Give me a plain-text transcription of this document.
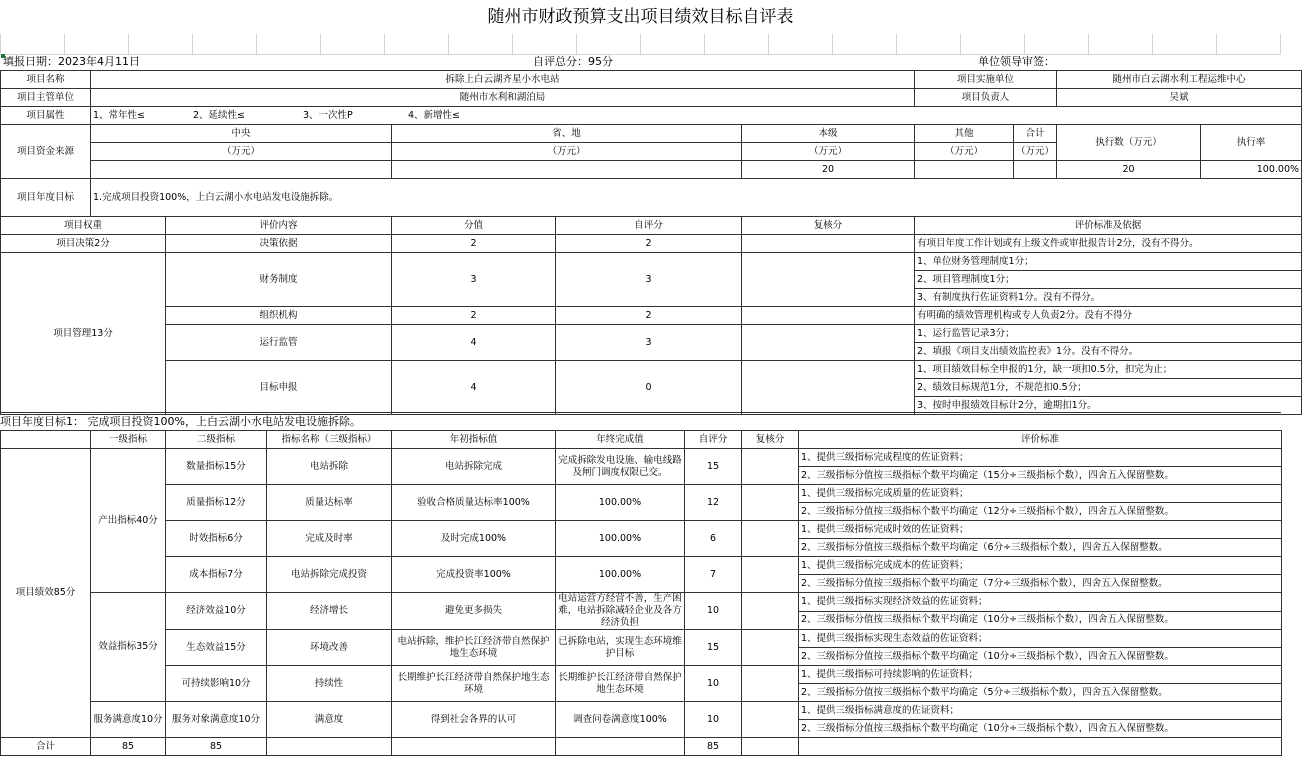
随州市财政预算支出项目绩效目标自评表
填报日期：2023年4月11日	自评总分：95分	单位领导审签：
项目名称	拆除上白云湖齐星小水电站					项目实施单位		随州市白云湖水利工程运维中心	
项目主管单位	随州市水利和湖泊局					项目负责人		吴斌	
项目属性	1、常年性≤ 2、延续性≤ 3、一次性P 4、新增性≤								
项目资金来源	中央		省、地		本级	其他	合计	执行数（万元）	执行率
	（万元）		（万元）		（万元）	（万元）	（万元）		
					20			20	100.00%
项目年度目标	1.完成项目投资100%，上白云湖小水电站发电设施拆除。								
项目权重		评价内容	分值	自评分	复核分	评价标准及依据			
项目决策2分		决策依据	2	2		有项目年度工作计划或有上级文件或审批报告计2分，没有不得分。			
项目管理13分		财务制度	3	3		1、单位财务管理制度1分；			
						2、项目管理制度1分；			
						3、有制度执行佐证资料1分。没有不得分。			
		组织机构	2	2		有明确的绩效管理机构或专人负责2分。没有不得分			
		运行监管	4	3		1、运行监管记录3分；			
						2、填报《项目支出绩效监控表》1分。没有不得分。			
		目标申报	4	0		1、项目绩效目标全申报的1分，缺一项扣0.5分，扣完为止；			
						2、绩效目标规范1分，不规范扣0.5分；			
						3、按时申报绩效目标计2分，逾期扣1分。			
项目年度目标1： 完成项目投资100%，上白云湖小水电站发电设施拆除。
	一级指标	二级指标	指标名称（三级指标）	年初指标值	年终完成值	自评分	复核分	评价标准
项目绩效85分	产出指标40分	数量指标15分	电站拆除	电站拆除完成	完成拆除发电设施、输电线路及闸门调度权限已交。	15		1、提供三级指标完成程度的佐证资料；
								2、三级指标分值按三级指标个数平均确定（15分÷三级指标个数），四舍五入保留整数。
		质量指标12分	质量达标率	验收合格质量达标率100%	100.00%	12		1、提供三级指标完成质量的佐证资料；
								2、三级指标分值按三级指标个数平均确定（12分÷三级指标个数），四舍五入保留整数。
		时效指标6分	完成及时率	及时完成100%	100.00%	6		1、提供三级指标完成时效的佐证资料；
								2、三级指标分值按三级指标个数平均确定（6分÷三级指标个数），四舍五入保留整数。
		成本指标7分	电站拆除完成投资	完成投资率100%	100.00%	7		1、提供三级指标完成成本的佐证资料；
								2、三级指标分值按三级指标个数平均确定（7分÷三级指标个数），四舍五入保留整数。
	效益指标35分	经济效益10分	经济增长	避免更多损失	电站运营方经营不善，生产困难，电站拆除减轻企业及各方经济负担	10		1、提供三级指标实现经济效益的佐证资料；
								2、三级指标分值按三级指标个数平均确定（10分÷三级指标个数），四舍五入保留整数。
		生态效益15分	环境改善	电站拆除，维护长江经济带自然保护地生态环境	已拆除电站，实现生态环境维护目标	15		1、提供三级指标实现生态效益的佐证资料；
								2、三级指标分值按三级指标个数平均确定（10分÷三级指标个数），四舍五入保留整数。
		可持续影响10分	持续性	长期维护长江经济带自然保护地生态环境	长期维护长江经济带自然保护地生态环境	10		1、提供三级指标可持续影响的佐证资料；
								2、三级指标分值按三级指标个数平均确定（5分÷三级指标个数），四舍五入保留整数。
	服务满意度10分	服务对象满意度10分	满意度	得到社会各界的认可	调查问卷满意度100%	10		1、提供三级指标满意度的佐证资料；
								2、三级指标分值按三级指标个数平均确定（10分÷三级指标个数），四舍五入保留整数。
合计	85	85				85		
